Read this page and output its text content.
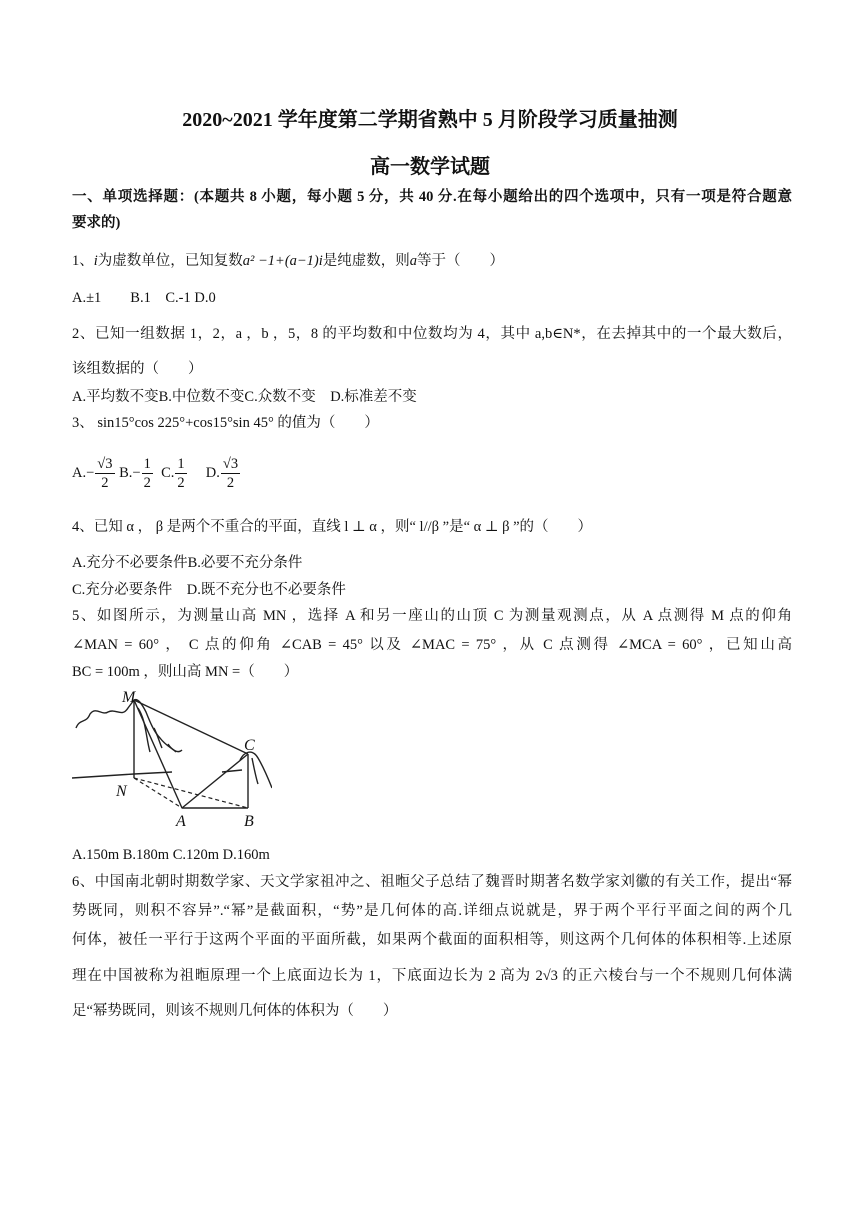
2020~2021 学年度第二学期省熟中 5 月阶段学习质量抽测
高一数学试题
一、单项选择题：(本题共 8 小题，每小题 5 分，共 40 分.在每小题给出的四个选项中，只有一项是符合题意
要求的)
1、i为虚数单位，已知复数a² −1+(a−1)i是纯虚数，则a等于（　　）
A.±1　　B.1　C.-1 D.0
2、已知一组数据 1，2，a ，b ，5，8 的平均数和中位数均为 4，其中 a,b∈N*，在去掉其中的一个最大数后，
该组数据的（　　）
A.平均数不变B.中位数不变C.众数不变　D.标准差不变
3、 sin15°cos 225°+cos15°sin 45° 的值为（　　）
$A.- \frac{√3}{2} B.- \frac{1}{2} C$. $\frac{1}{2} D$. $\frac{√3}{2}$
4、已知 α ， β 是两个不重合的平面，直线 l ⊥ α ，则“ l//β ”是“ α ⊥ β ”的（　　）
A.充分不必要条件B.必要不充分条件
C.充分必要条件　D.既不充分也不必要条件
5、如图所示，为测量山高 MN ，选择 A 和另一座山的山顶 C 为测量观测点，从 A 点测得 M 点的仰角
∠MAN = 60° ， C 点的仰角 ∠CAB = 45° 以及 ∠MAC = 75° ，从 C 点测得 ∠MCA = 60° ，已知山高
BC = 100m ，则山高 MN =（　　）
M
N
A	B
C
A.150m B.180m C.120m D.160m
6、中国南北朝时期数学家、天文学家祖冲之、祖暅父子总结了魏晋时期著名数学家刘徽的有关工作，提出“幂
势既同，则积不容异”.“幂”是截面积，“势”是几何体的高.详细点说就是，界于两个平行平面之间的两个几
何体，被任一平行于这两个平面的平面所截，如果两个截面的面积相等，则这两个几何体的体积相等.上述原
理在中国被称为祖暅原理一个上底面边长为 1，下底面边长为 2 高为 2√3 的正六棱台与一个不规则几何体满
足“幂势既同，则该不规则几何体的体积为（　　）
